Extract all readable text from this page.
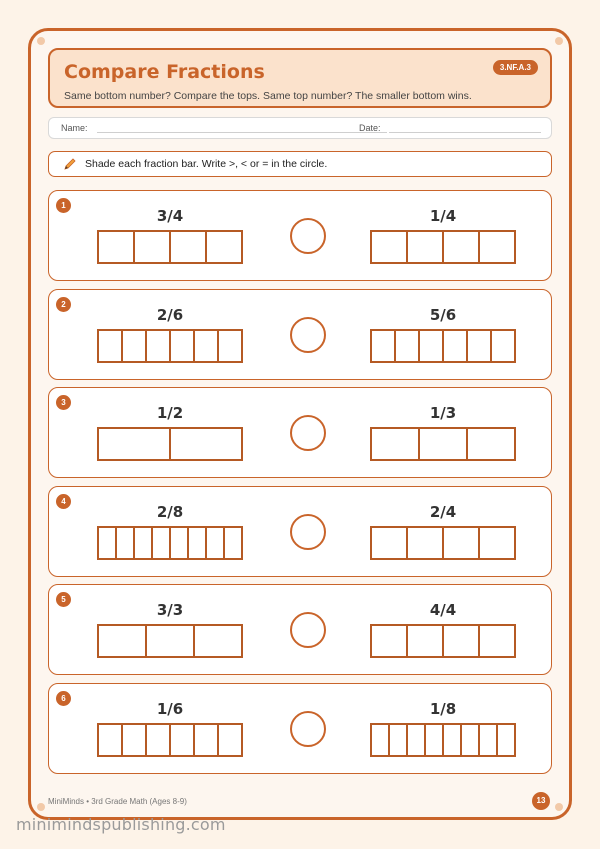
Compare Fractions	3.NF.A.3
Same bottom number? Compare the tops. Same top number? The smaller bottom wins.
Name:	Date:
Shade each fraction bar. Write >, < or = in the circle.
1
3/4	1/4
2
2/6	5/6
3
1/2	1/3
4
2/8	2/4
5
3/3	4/4
6
1/6	1/8
MiniMinds • 3rd Grade Math (Ages 8-9)	13
minimindspublishing.com
